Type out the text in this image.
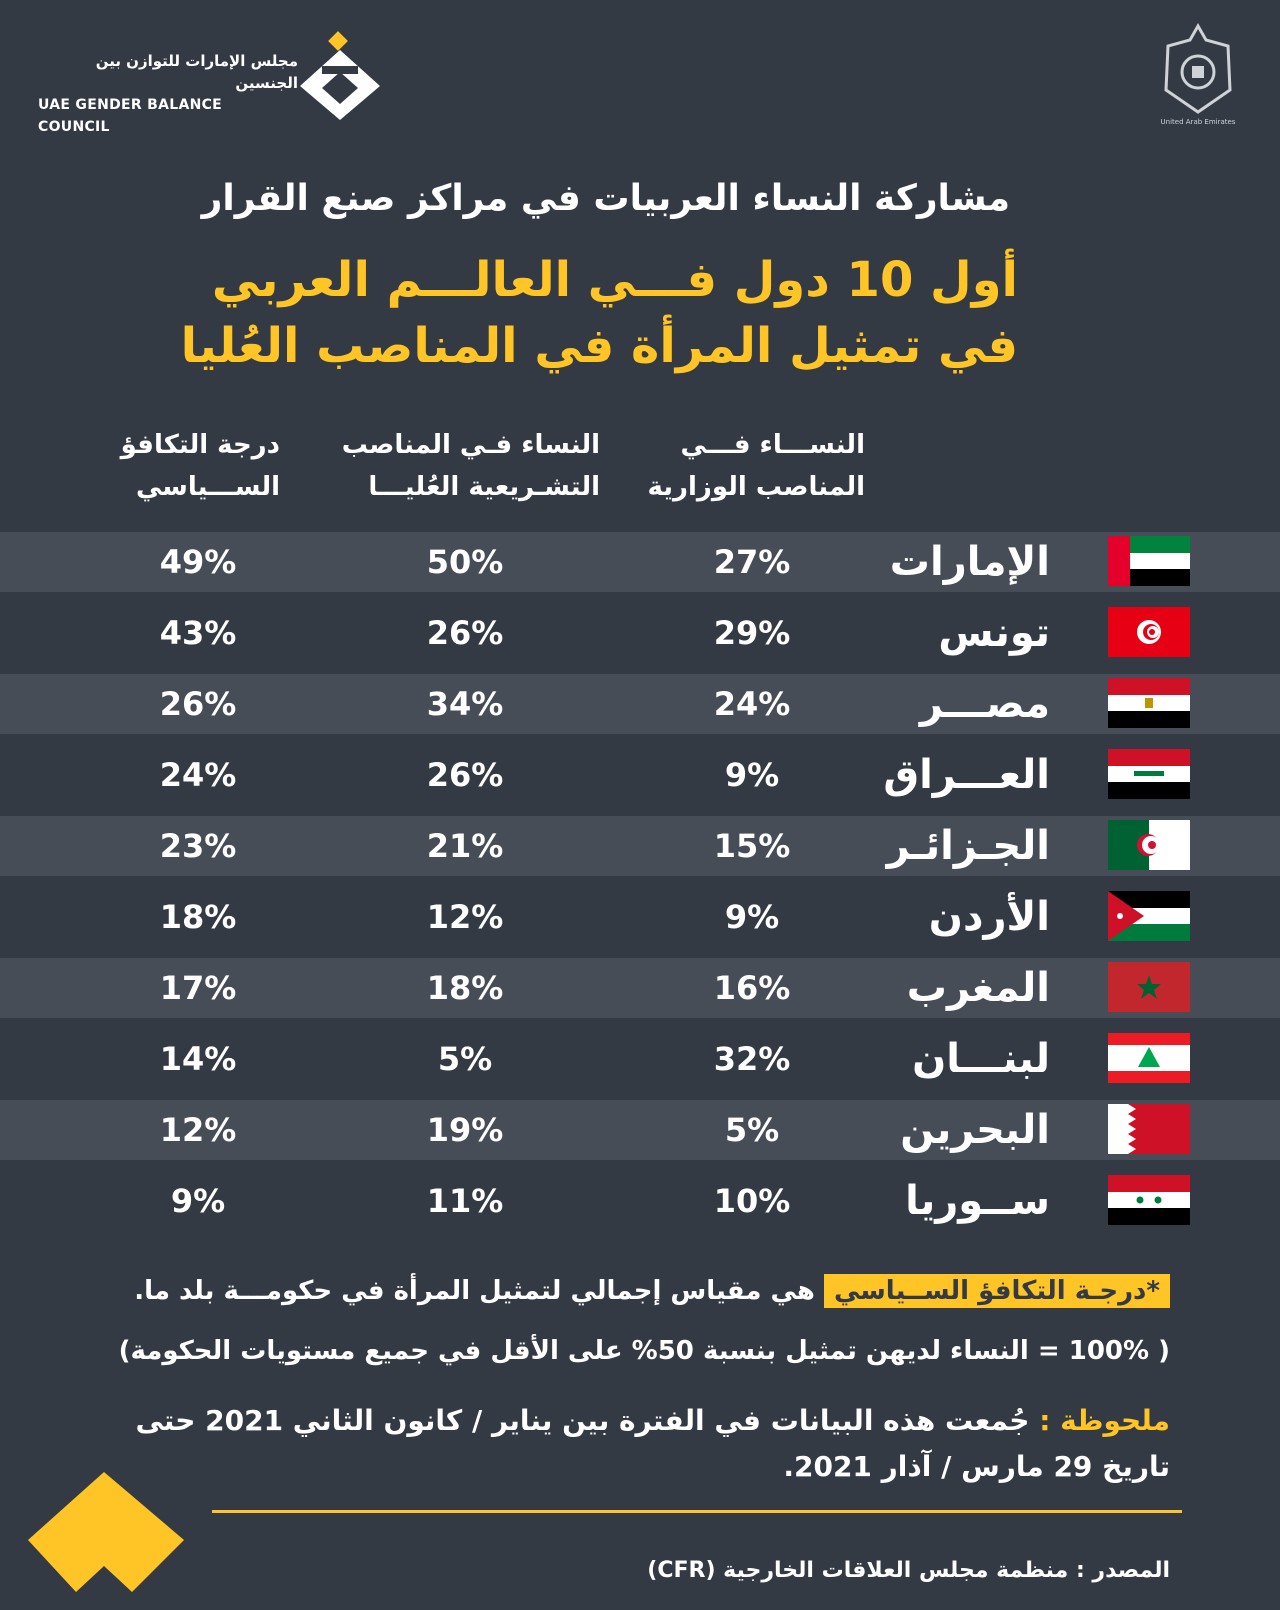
مجلس الإمارات للتوازن بين الجنسين
UAE GENDER BALANCE COUNCIL	United Arab Emirates
مشاركة النساء العربيات في مراكز صنع القرار
أول 10 دول فـــي العالـــم العربي
في تمثيل المرأة في المناصب العُليا
النســـاء فـــي
المناصب الوزارية
النساء فـي المناصب
التشـريعية العُليـــا
درجة التكافؤ
الســـياسي
الإمارات
27%
50%
49%
تونس
29%
26%
43%
مصـــر
24%
34%
26%
العـــراق
9%
26%
24%
الجـزائـر
15%
21%
23%
الأردن
9%
12%
18%
المغرب
16%
18%
17%
لبنـــان
32%
5%
14%
البحرين
5%
19%
12%
ســوريا
10%
11%
9%
*درجـة التكافؤ الســياسي هي مقياس إجمالي لتمثيل المرأة في حكومـــة بلد ما.
( 100% = النساء لديهن تمثيل بنسبة 50% على الأقل في جميع مستويات الحكومة)
ملحوظة : جُمعت هذه البيانات في الفترة بين يناير / كانون الثاني 2021 حتى تاريخ 29 مارس / آذار 2021.
المصدر : منظمة مجلس العلاقات الخارجية (CFR)
